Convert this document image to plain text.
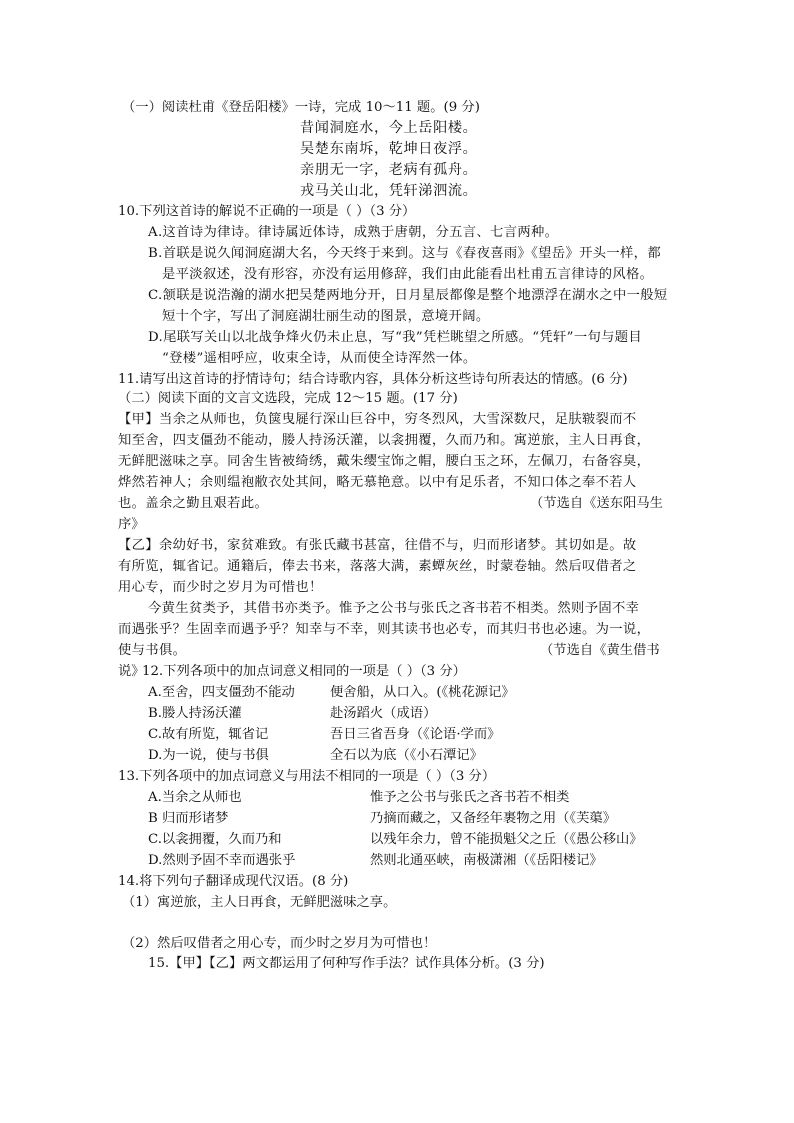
（一）阅读杜甫《登岳阳楼》一诗，完成 10～11 题。(9 分)
昔闻洞庭水，今上岳阳楼。
吴楚东南坼，乾坤日夜浮。
亲朋无一字，老病有孤舟。
戎马关山北，凭轩涕泗流。
10.下列这首诗的解说不正确的一项是（ ）（3 分）
A.这首诗为律诗。律诗属近体诗，成熟于唐朝，分五言、七言两种。
B.首联是说久闻洞庭湖大名，今天终于来到。这与《春夜喜雨》《望岳》开头一样，都
是平淡叙述，没有形容，亦没有运用修辞，我们由此能看出杜甫五言律诗的风格。
C.颔联是说浩瀚的湖水把吴楚两地分开，日月星辰都像是整个地漂浮在湖水之中一般短
短十个字，写出了洞庭湖壮丽生动的图景，意境开阔。
D.尾联写关山以北战争烽火仍未止息，写“我”凭栏眺望之所感。“凭轩”一句与题目
“登楼”遥相呼应，收束全诗，从而使全诗浑然一体。
11.请写出这首诗的抒情诗句；结合诗歌内容，具体分析这些诗句所表达的情感。(6 分)
（二）阅读下面的文言文选段，完成 12～15 题。(17 分)
【甲】当余之从师也，负箧曳屣行深山巨谷中，穷冬烈风，大雪深数尺，足肤皲裂而不
知至舍，四支僵劲不能动，媵人持汤沃灌，以衾拥覆，久而乃和。寓逆旅，主人日再食，
无鲜肥滋味之享。同舍生皆被绮绣，戴朱缨宝饰之帽，腰白玉之环，左佩刀，右备容臭，
烨然若神人；余则缊袍敝衣处其间，略无慕艳意。以中有足乐者，不知口体之奉不若人
也。盖余之勤且艰若此。	（节选自《送东阳马生
序》
【乙】余幼好书，家贫难致。有张氏藏书甚富，往借不与，归而形诸梦。其切如是。故
有所览，辄省记。通籍后，俸去书来，落落大满，素蟫灰丝，时蒙卷轴。然后叹借者之
用心专，而少时之岁月为可惜也！
今黄生贫类予，其借书亦类予。惟予之公书与张氏之吝书若不相类。然则予固不幸
而遇张乎？生固幸而遇予乎？知幸与不幸，则其读书也必专，而其归书也必速。为一说，
使与书俱。	（节选自《黄生借书
说》
12.下列各项中的加点词意义相同的一项是（ ）（3 分）
A.至舍，四支僵劲不能动	便舍船，从口入。(《桃花源记》
B.媵人持汤沃灌	赴汤蹈火（成语）
C.故有所览，辄省记	吾日三省吾身（《论语·学而》
D.为一说，使与书俱	全石以为底（《小石潭记》
13.下列各项中的加点词意义与用法不相同的一项是（ ）（3 分）
A.当余之从师也	惟予之公书与张氏之吝书若不相类
B 归而形诸梦	乃摘而藏之，又备经年裹物之用（《芙蕖》
C.以衾拥覆，久而乃和	以残年余力，曾不能损魁父之丘（《愚公移山》
D.然则予固不幸而遇张乎	然则北通巫峡，南极潇湘（《岳阳楼记》
14.将下列句子翻译成现代汉语。(8 分)
（1）寓逆旅，主人日再食，无鲜肥滋味之享。
（2）然后叹借者之用心专，而少时之岁月为可惜也！
15.【甲】【乙】两文都运用了何种写作手法？试作具体分析。(3 分)
